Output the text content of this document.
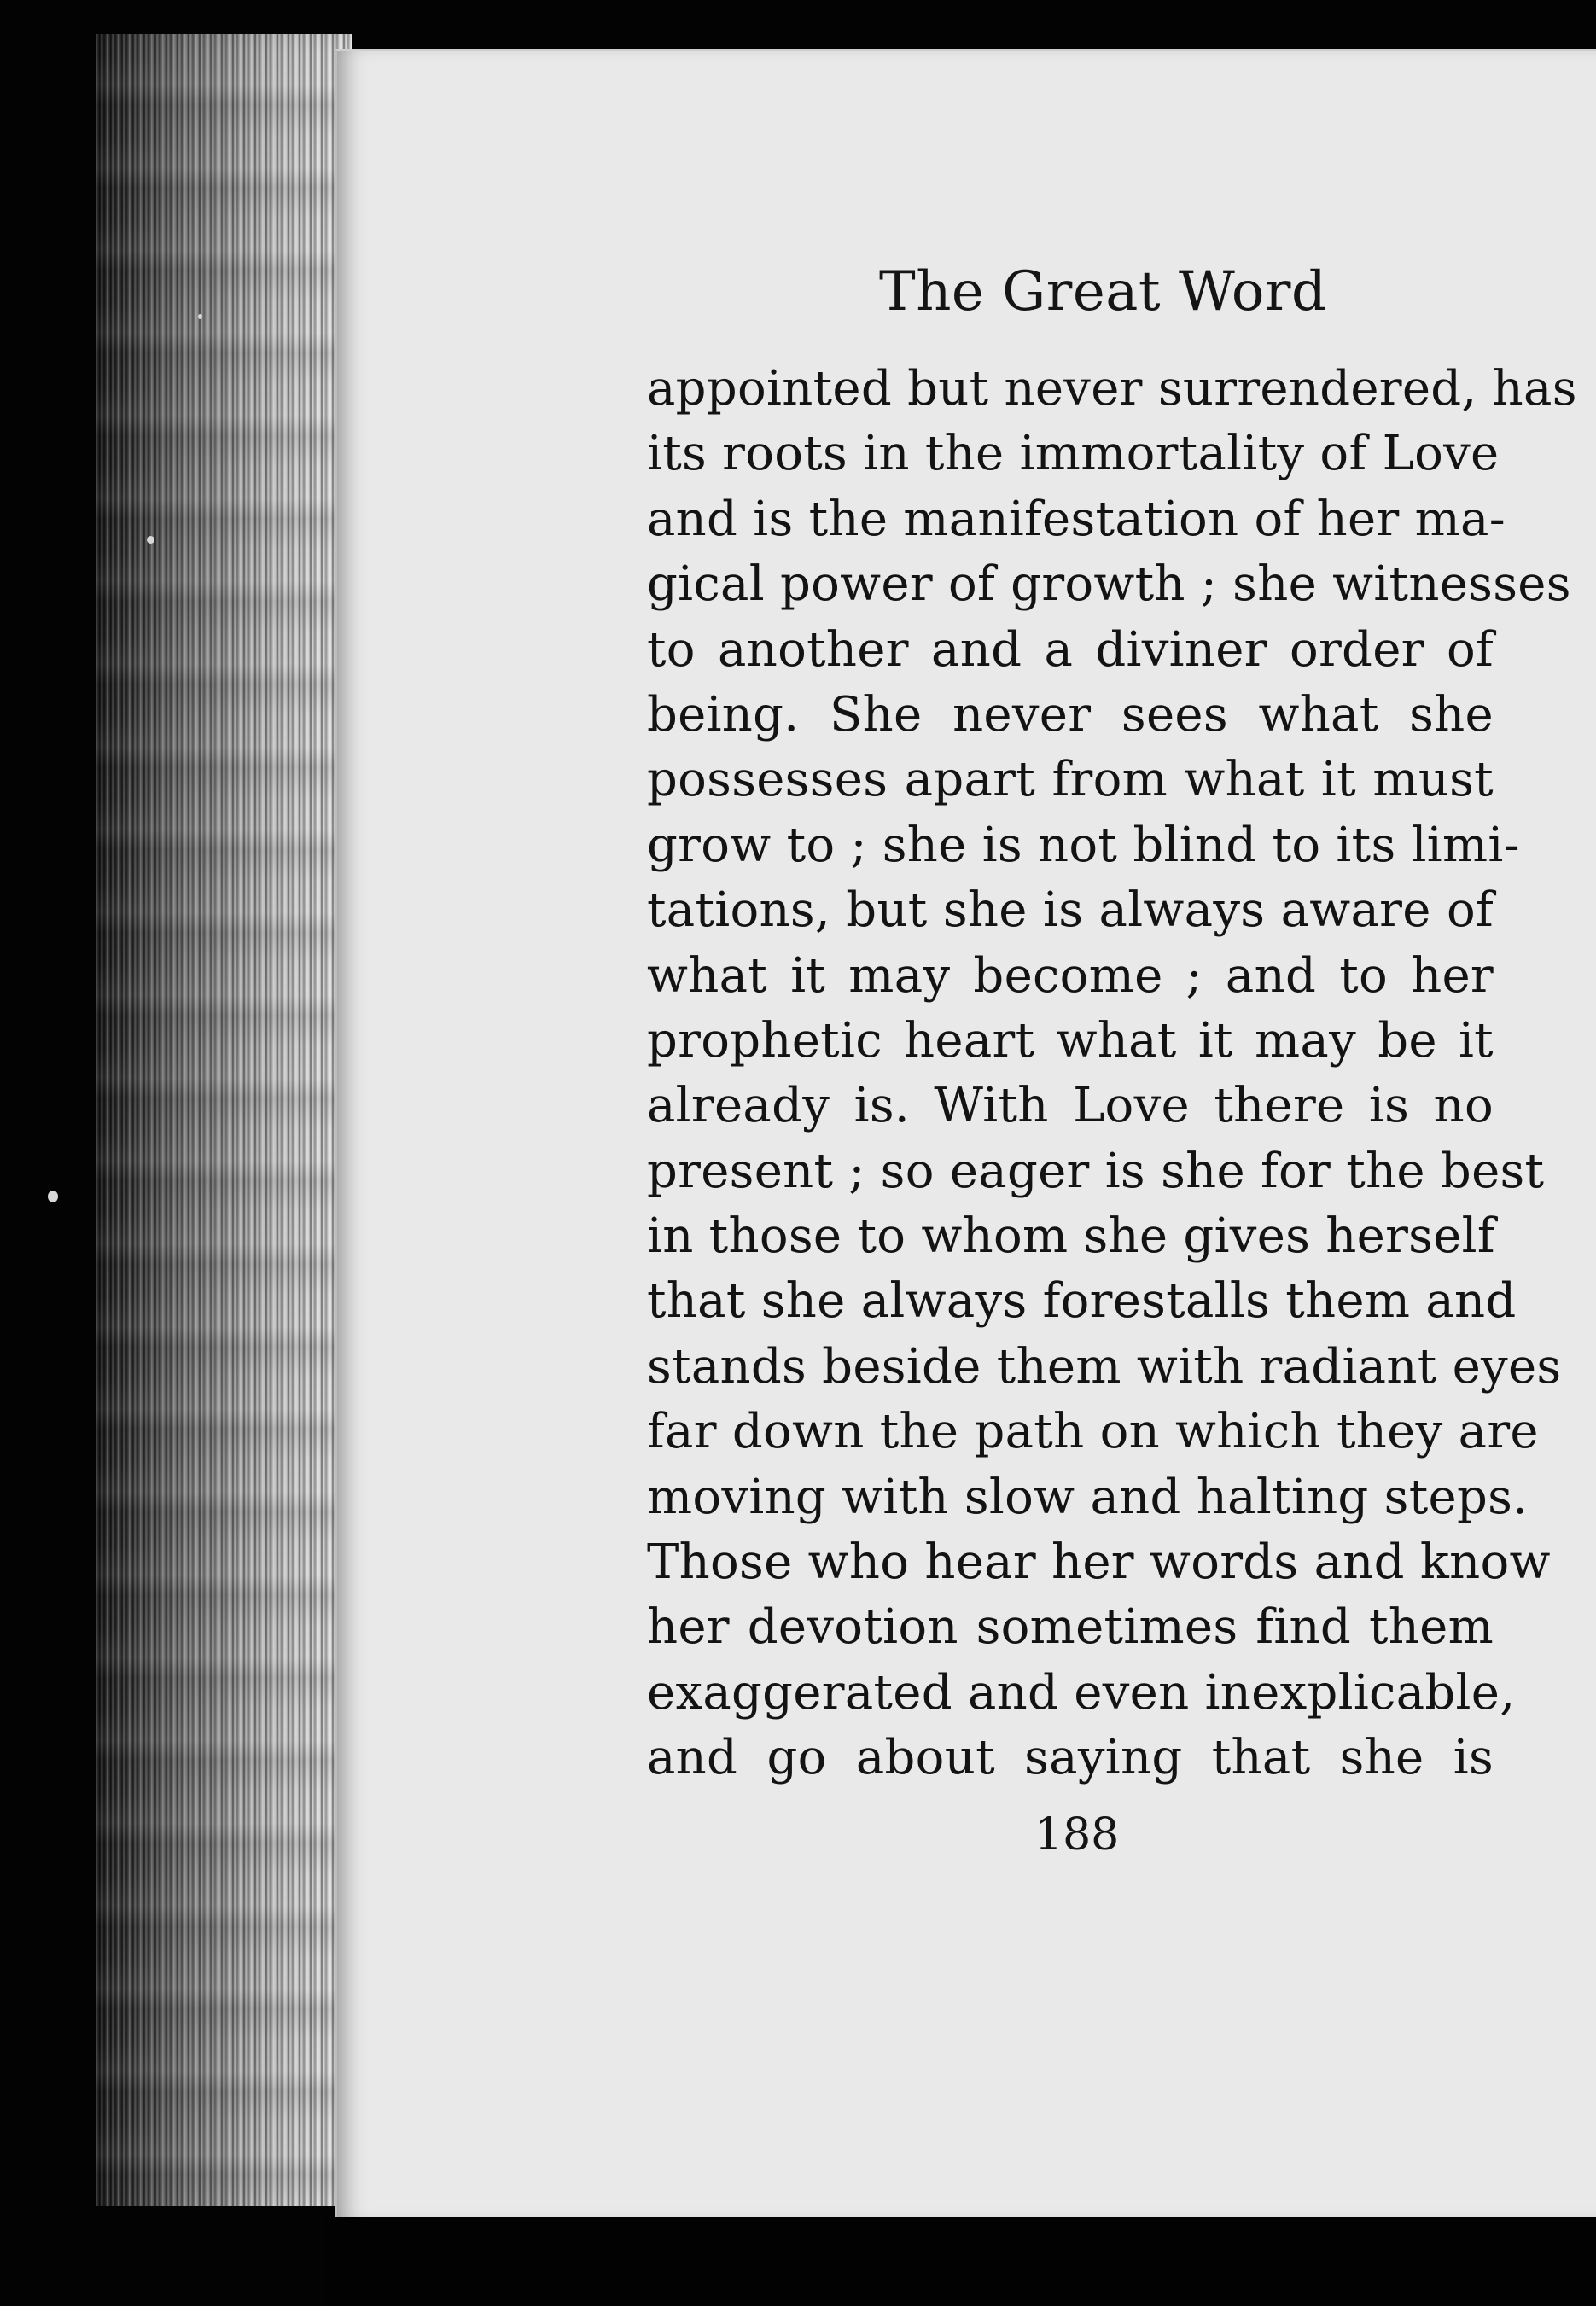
The Great Word
appointed but never surrendered, has
its roots in the immortality of Love
and is the manifestation of her ma-
gical power of growth ; she witnesses
to another and a diviner order of
being. She never sees what she
possesses apart from what it must
grow to ; she is not blind to its limi-
tations, but she is always aware of
what it may become ; and to her
prophetic heart what it may be it
already is. With Love there is no
present ; so eager is she for the best
in those to whom she gives herself
that she always forestalls them and
stands beside them with radiant eyes
far down the path on which they are
moving with slow and halting steps.
Those who hear her words and know
her devotion sometimes find them
exaggerated and even inexplicable,
and go about saying that she is
188
